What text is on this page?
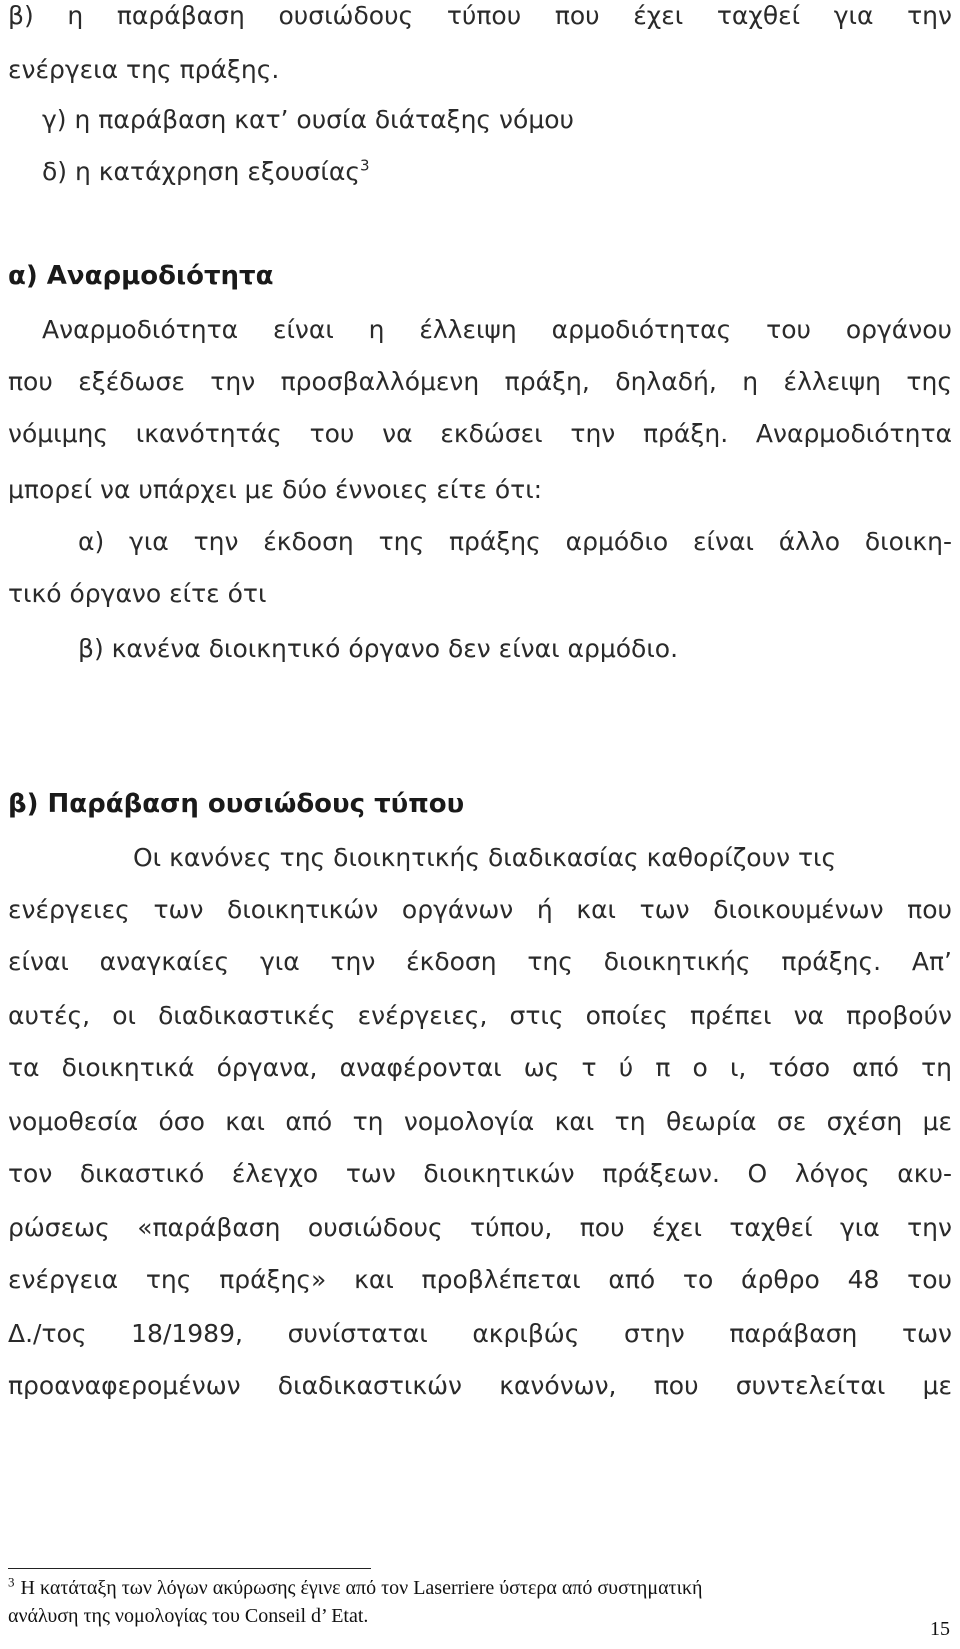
β) η παράβαση ουσιώδους τύπου που έχει ταχθεί για την
ενέργεια της πράξης.
γ) η παράβαση κατ’ ουσία διάταξης νόμου
δ) η κατάχρηση εξουσίας$^3$
α) Αναρμοδιότητα
Αναρμοδιότητα είναι η έλλειψη αρμοδιότητας του οργάνου
που εξέδωσε την προσβαλλόμενη πράξη, δηλαδή, η έλλειψη της
νόμιμης ικανότητάς του να εκδώσει την πράξη. Αναρμοδιότητα
μπορεί να υπάρχει με δύο έννοιες είτε ότι:
α) για την έκδοση της πράξης αρμόδιο είναι άλλο διοικη-
τικό όργανο είτε ότι
β) κανένα διοικητικό όργανο δεν είναι αρμόδιο.
β) Παράβαση ουσιώδους τύπου
Οι κανόνες της διοικητικής διαδικασίας καθορίζουν τις
ενέργειες των διοικητικών οργάνων ή και των διοικουμένων που
είναι αναγκαίες για την έκδοση της διοικητικής πράξης. Απ’
αυτές, οι διαδικαστικές ενέργειες, στις οποίες πρέπει να προβούν
τα διοικητικά όργανα, αναφέρονται ως τ ύ π ο ι, τόσο από τη
νομοθεσία όσο και από τη νομολογία και τη θεωρία σε σχέση με
τον δικαστικό έλεγχο των διοικητικών πράξεων. Ο λόγος ακυ-
ρώσεως «παράβαση ουσιώδους τύπου, που έχει ταχθεί για την
ενέργεια της πράξης» και προβλέπεται από το άρθρο 48 του
Δ./τος 18/1989, συνίσταται ακριβώς στην παράβαση των
προαναφερομένων διαδικαστικών κανόνων, που συντελείται με
$^3$ Η κατάταξη των λόγων ακύρωσης έγινε από τον Laserriere ύστερα από συστηματική
ανάλυση της νομολογίας του Conseil d’ Etat.
15
